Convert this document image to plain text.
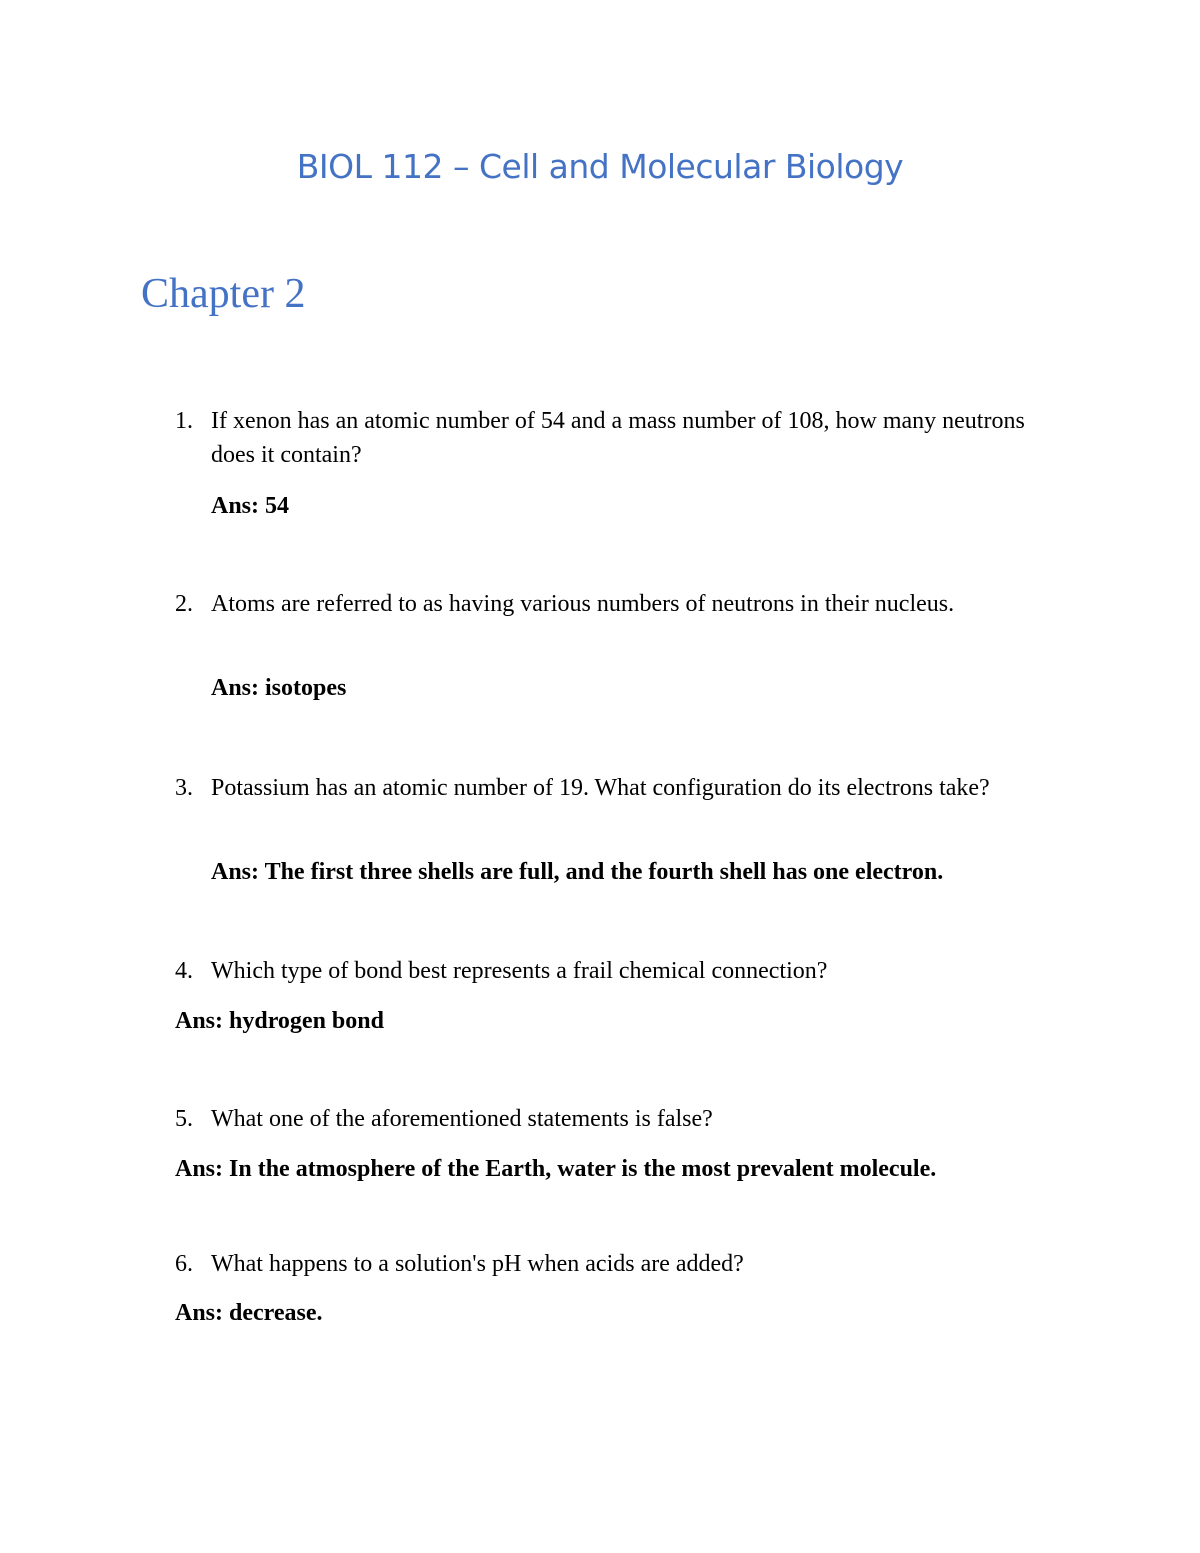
BIOL 112 – Cell and Molecular Biology
Chapter 2
1. If xenon has an atomic number of 54 and a mass number of 108, how many neutrons does it contain?
Ans: 54
2. Atoms are referred to as having various numbers of neutrons in their nucleus.
Ans: isotopes
3. Potassium has an atomic number of 19. What configuration do its electrons take?
Ans: The first three shells are full, and the fourth shell has one electron.
4. Which type of bond best represents a frail chemical connection?
Ans: hydrogen bond
5. What one of the aforementioned statements is false?
Ans: In the atmosphere of the Earth, water is the most prevalent molecule.
6. What happens to a solution's pH when acids are added?
Ans: decrease.
